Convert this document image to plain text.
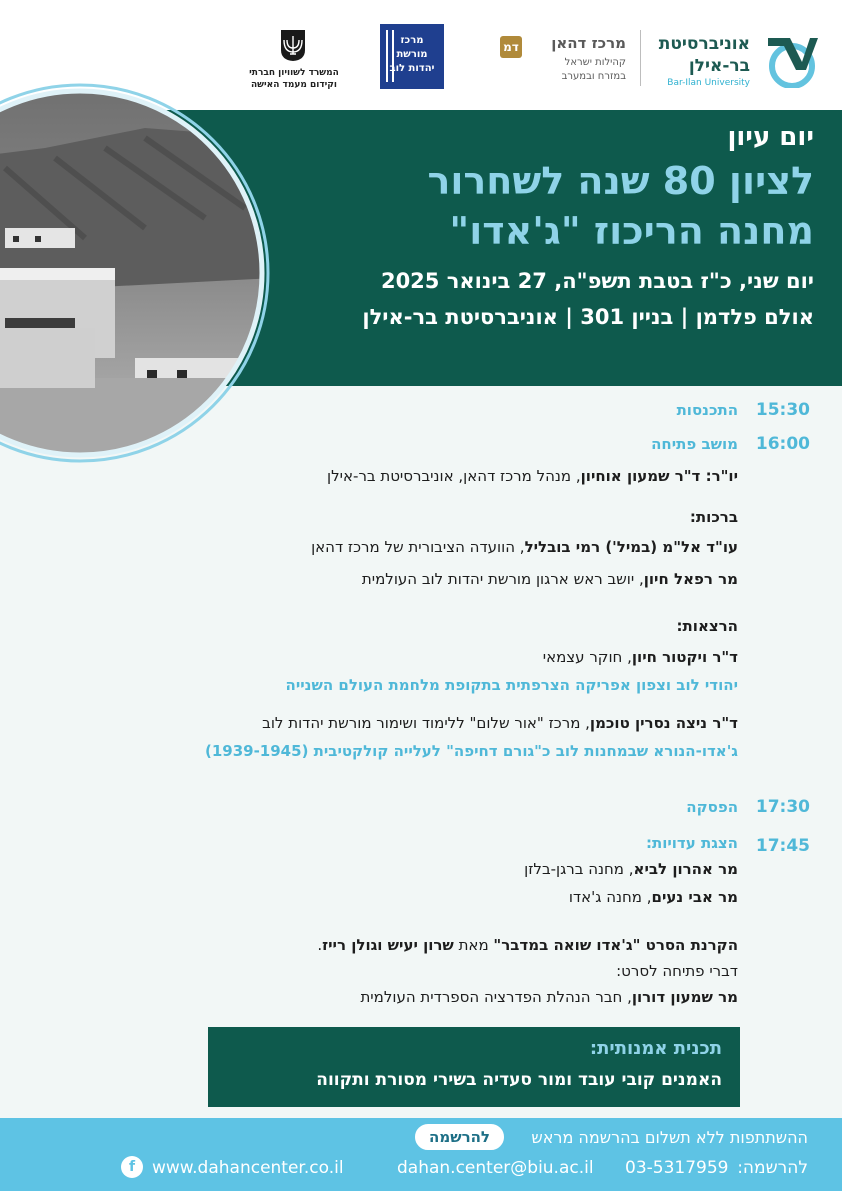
אוניברסיטת
בר-אילן
Bar-Ilan University
מרכז דהאן
קהילות ישראל
במזרח ובמערב
דמ
מרכז
מורשת
יהדות לוב
המשרד לשוויון חברתי
וקידום מעמד האישה
יום עיון
לציון 80 שנה לשחרור
מחנה הריכוז "ג'אדו"
יום שני, כ"ז בטבת תשפ"ה, 27 בינואר 2025
אולם פלדמן | בניין 301 | אוניברסיטת בר-אילן
15:30
התכנסות
16:00
מושב פתיחה
יו"ר: ד"ר שמעון אוחיון, מנהל מרכז דהאן, אוניברסיטת בר-אילן
ברכות:
עו"ד אל"מ (במיל') רמי בובליל, הוועדה הציבורית של מרכז דהאן
מר רפאל חיון, יושב ראש ארגון מורשת יהדות לוב העולמית
הרצאות:
ד"ר ויקטור חיון, חוקר עצמאי
יהודי לוב וצפון אפריקה הצרפתית בתקופת מלחמת העולם השנייה
ד"ר ניצה נסרין טוכמן, מרכז "אור שלום" ללימוד ושימור מורשת יהדות לוב
ג'אדו-הנורא שבמחנות לוב כ"גורם דחיפה" לעלייה קולקטיבית (1939-1945)
17:30
הפסקה
17:45
הצגת עדויות:
מר אהרון לביא, מחנה ברגן-בלזן
מר אבי נעים, מחנה ג'אדו
הקרנת הסרט "ג'אדו שואה במדבר" מאת שרון יעיש וגולן רייז.
דברי פתיחה לסרט:
מר שמעון דורון, חבר הנהלת הפדרציה הספרדית העולמית
תכנית אמנותית:
האמנים קובי עובד ומור סעדיה בשירי מסורת ותקווה
ההשתתפות ללא תשלום בהרשמה מראש
להרשמה
להרשמה:
03-5317959
dahan.center@biu.ac.il
www.dahancenter.co.il
f
